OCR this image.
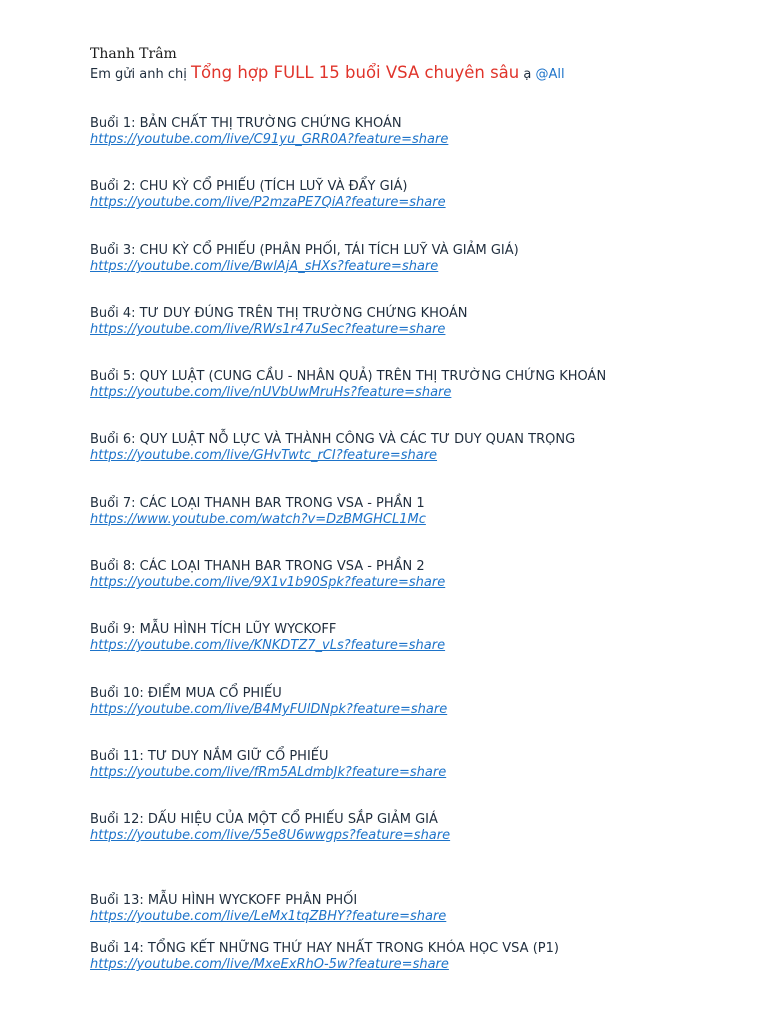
Thanh Trâm
Em gửi anh chị Tổng hợp FULL 15 buổi VSA chuyên sâu ạ @All
Buổi 1: BẢN CHẤT THỊ TRƯỜNG CHỨNG KHOÁN
https://youtube.com/live/C91yu_GRR0A?feature=share
Buổi 2: CHU KỲ CỔ PHIẾU (TÍCH LUỸ VÀ ĐẨY GIÁ)
https://youtube.com/live/P2mzaPE7QiA?feature=share
Buổi 3: CHU KỲ CỔ PHIẾU (PHÂN PHỐI, TÁI TÍCH LUỸ VÀ GIẢM GIÁ)
https://youtube.com/live/BwlAjA_sHXs?feature=share
Buổi 4: TƯ DUY ĐÚNG TRÊN THỊ TRƯỜNG CHỨNG KHOÁN
https://youtube.com/live/RWs1r47uSec?feature=share
Buổi 5: QUY LUẬT (CUNG CẦU - NHÂN QUẢ) TRÊN THỊ TRƯỜNG CHỨNG KHOÁN
https://youtube.com/live/nUVbUwMruHs?feature=share
Buổi 6: QUY LUẬT NỖ LỰC VÀ THÀNH CÔNG VÀ CÁC TƯ DUY QUAN TRỌNG
https://youtube.com/live/GHvTwtc_rCI?feature=share
Buổi 7: CÁC LOẠI THANH BAR TRONG VSA - PHẦN 1
https://www.youtube.com/watch?v=DzBMGHCL1Mc
Buổi 8: CÁC LOẠI THANH BAR TRONG VSA - PHẦN 2
https://youtube.com/live/9X1v1b90Spk?feature=share
Buổi 9: MẪU HÌNH TÍCH LŨY WYCKOFF
https://youtube.com/live/KNKDTZ7_vLs?feature=share
Buổi 10: ĐIỂM MUA CỔ PHIẾU
https://youtube.com/live/B4MyFUlDNpk?feature=share
Buổi 11: TƯ DUY NẮM GIỮ CỔ PHIẾU
https://youtube.com/live/fRm5ALdmbJk?feature=share
Buổi 12: DẤU HIỆU CỦA MỘT CỔ PHIẾU SẮP GIẢM GIÁ
https://youtube.com/live/55e8U6wwgps?feature=share
Buổi 13: MẪU HÌNH WYCKOFF PHÂN PHỐI
https://youtube.com/live/LeMx1tqZBHY?feature=share
Buổi 14: TỔNG KẾT NHỮNG THỨ HAY NHẤT TRONG KHÓA HỌC VSA (P1)
https://youtube.com/live/MxeExRhO-5w?feature=share
